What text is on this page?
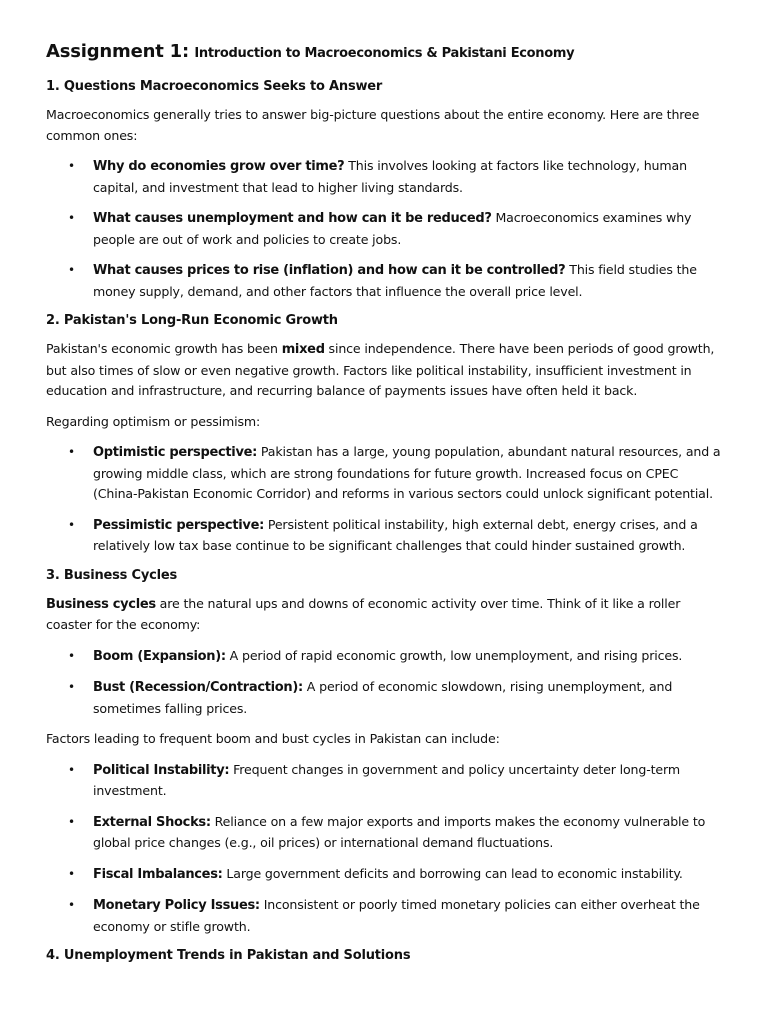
Assignment 1: Introduction to Macroeconomics & Pakistani Economy
1. Questions Macroeconomics Seeks to Answer

Macroeconomics generally tries to answer big-picture questions about the entire economy. Here are three common ones:

• Why do economies grow over time? This involves looking at factors like technology, human capital, and investment that lead to higher living standards.
• What causes unemployment and how can it be reduced? Macroeconomics examines why people are out of work and policies to create jobs.
• What causes prices to rise (inflation) and how can it be controlled? This field studies the money supply, demand, and other factors that influence the overall price level.
2. Pakistan's Long-Run Economic Growth

Pakistan's economic growth has been mixed since independence. There have been periods of good growth, but also times of slow or even negative growth. Factors like political instability, insufficient investment in education and infrastructure, and recurring balance of payments issues have often held it back.

Regarding optimism or pessimism:

• Optimistic perspective: Pakistan has a large, young population, abundant natural resources, and a growing middle class, which are strong foundations for future growth. Increased focus on CPEC (China-Pakistan Economic Corridor) and reforms in various sectors could unlock significant potential.
• Pessimistic perspective: Persistent political instability, high external debt, energy crises, and a relatively low tax base continue to be significant challenges that could hinder sustained growth.
3. Business Cycles

Business cycles are the natural ups and downs of economic activity over time. Think of it like a roller coaster for the economy:

• Boom (Expansion): A period of rapid economic growth, low unemployment, and rising prices.
• Bust (Recession/Contraction): A period of economic slowdown, rising unemployment, and sometimes falling prices.

Factors leading to frequent boom and bust cycles in Pakistan can include:

• Political Instability: Frequent changes in government and policy uncertainty deter long-term investment.
• External Shocks: Reliance on a few major exports and imports makes the economy vulnerable to global price changes (e.g., oil prices) or international demand fluctuations.
• Fiscal Imbalances: Large government deficits and borrowing can lead to economic instability.
• Monetary Policy Issues: Inconsistent or poorly timed monetary policies can either overheat the economy or stifle growth.
4. Unemployment Trends in Pakistan and Solutions
